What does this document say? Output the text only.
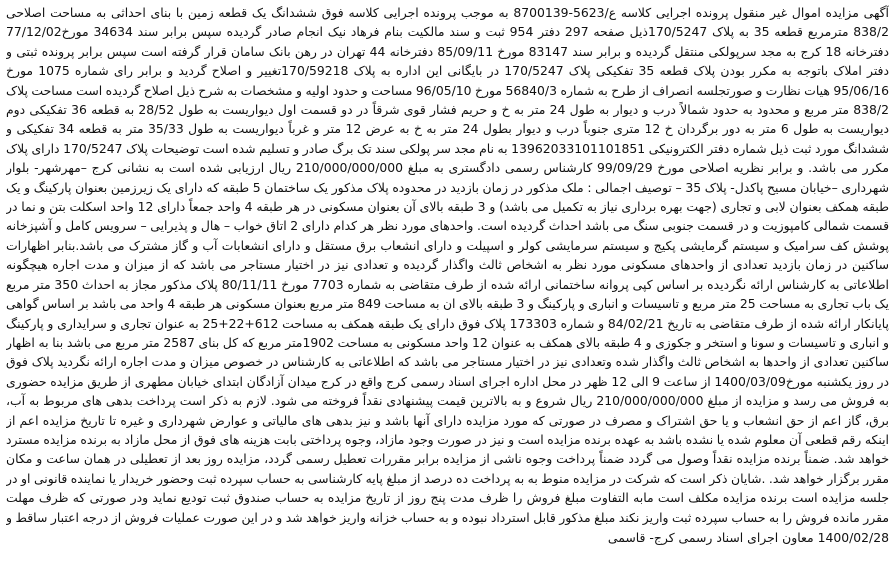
آگهی مزایده اموال غیر منقول پرونده اجرایی کلاسه ع/5623-8700139 به موجب پرونده اجرایی کلاسه فوق ششدانگ یک قطعه زمین با بنای احداثی به مساحت اصلاحی 838/2 مترمربع قطعه 35 به پلاک 170/5247ذیل صفحه 297 دفتر 954 ثبت و سند مالکیت بنام فرهاد نیک انجام صادر گردیده سپس برابر سند 34634 مورخ77/12/02 دفترخانه 18 کرج به مجد سرپولکی منتقل گردیده و برابر سند 83147 مورخ 85/09/11 دفترخانه 44 تهران در رهن بانک سامان قرار گرفته است سپس برابر پرونده ثبتی و دفتر املاک باتوجه به مکرر بودن پلاک قطعه 35 تفکیکی پلاک 170/5247 در بایگانی این اداره به پلاک 170/59218تغییر و اصلاح گردید و برابر رای شماره 1075 مورخ 95/06/16 هیات نظارت و صورتجلسه انصراف از طرح به شماره 56840/3 مورخ 96/05/10 مساحت و حدود اولیه و مشخصات به شرح ذیل اصلاح گردیده است مساحت پلاک 838/2 متر مربع و محدود به حدود شمالاً درب و دیوار به طول 24 متر به خ و حریم فشار قوی شرقاً در دو قسمت اول دیواریست به طول 28/52 به قطعه 36 تفکیکی دوم دیواریست به طول 6 متر به دور برگردان خ 12 متری جنوباً درب و دیوار بطول 24 متر به خ به عرض 12 متر و غرباً دیواریست به طول 35/33 متر به قطعه 34 تفکیکی و ششدانگ مورد ثبت ذیل شماره دفتر الکترونیکی 13962033101101851 به نام مجد سر پولکی سند تک برگ صادر و تسلیم شده است توضیحات پلاک 170/5247 دارای پلاک مکرر می باشد. و برابر نظریه اصلاحی مورخ 99/09/29 کارشناس رسمی دادگستری به مبلغ 210/000/000/000 ریال ارزیابی شده است به نشانی کرج –مهرشهر- بلوار شهرداری –خیابان مسیح پاکدل- پلاک 35 – توصیف اجمالی : ملک مذکور در زمان بازدید در محدوده پلاک مذکور یک ساختمان 5 طبقه که دارای یک زیرزمین بعنوان پارکینگ و یک طبقه همکف بعنوان لابی و تجاری (جهت بهره برداری نیاز به تکمیل می باشد) و 3 طبقه بالای آن بعنوان مسکونی در هر طبقه 4 واحد جمعاً دارای 12 واحد اسکلت بتن و نما در قسمت شمالی کامپوزیت و در قسمت جنوبی سنگ می باشد احداث گردیده است. واحدهای مورد نظر هر کدام دارای 2 اتاق خواب – هال و پذیرایی – سرویس کامل و آشپزخانه پوشش کف سرامیک و سیستم گرمایشی پکیج و سیستم سرمایشی کولر و اسپیلت و دارای انشعاب برق مستقل و دارای انشعابات آب و گاز مشترک می باشد.بنابر اظهارات ساکنین در زمان بازدید تعدادی از واحدهای مسکونی مورد نظر به اشخاص ثالث واگذار گردیده و تعدادی نیز در اختیار مستاجر می باشد که از میزان و مدت اجاره هیچگونه اطلاعاتی به کارشناس ارائه نگردیده بر اساس کپی پروانه ساختمانی ارائه شده از طرف متقاضی به شماره 7703 مورخ 80/11/11 پلاک مذکور مجاز به احداث 350 متر مربع یک باب تجاری به مساحت 25 متر مربع و تاسیسات و انباری و پارکینگ و 3 طبقه بالای ان به مساحت 849 متر مربع بعنوان مسکونی هر طبقه 4 واحد می باشد بر اساس گواهی پایانکار ارائه شده از طرف متقاضی به تاریخ 84/02/21 و شماره 173303 پلاک فوق دارای یک طبقه همکف به مساحت 612+22+25 به عنوان تجاری و سرایداری و پارکینگ و انباری و تاسیسات و سونا و استخر و جکوزی و 4 طبقه بالای همکف به عنوان 12 واحد مسکونی به مساحت 1902متر مربع که کل بنای 2587 متر مربع می باشد بنا به اظهار ساکنین تعدادی از واحدها به اشخاص ثالث واگذار شده وتعدادی نیز در اختیار مستاجر می باشد که اطلاعاتی به کارشناس در خصوص میزان و مدت اجاره ارائه نگردید پلاک فوق در روز یکشنبه مورخ1400/03/09 از ساعت 9 الی 12 ظهر در محل اداره اجرای اسناد رسمی کرج واقع در کرج میدان آزادگان ابتدای خیابان مطهری از طریق مزایده حضوری به فروش می رسد و مزایده از مبلغ 210/000/000/000 ریال شروع و به بالاترین قیمت پیشنهادی نقداً فروخته می شود. لازم به ذکر است پرداخت بدهی های مربوط به آب، برق، گاز اعم از حق انشعاب و یا حق اشتراک و مصرف در صورتی که مورد مزایده دارای آنها باشد و نیز بدهی های مالیاتی و عوارض شهرداری و غیره تا تاریخ مزایده اعم از اینکه رقم قطعی آن معلوم شده یا نشده باشد به عهده برنده مزایده است و نیز در صورت وجود مازاد، وجوه پرداختی بابت هزینه های فوق از محل مازاد به برنده مزایده مسترد خواهد شد. ضمناً برنده مزایده نقداً وصول می گردد ضمناً پرداخت وجوه ناشی از مزایده برابر مقررات تعطیل رسمی گردد، مزایده روز بعد از تعطیلی در همان ساعت و مکان مقرر برگزار خواهد شد. .شایان ذکر است که شرکت در مزایده منوط به به پرداخت ده درصد از مبلغ پایه کارشناسی به حساب سپرده ثبت وحضور خریدار یا نماینده قانونی او در جلسه مزایده است برنده مزایده مکلف است مابه التفاوت مبلغ فروش را ظرف مدت پنج روز از تاریخ مزایده به حساب صندوق ثبت تودیع نماید ودر صورتی که ظرف مهلت مقرر مانده فروش را به حساب سپرده ثبت واریز نکند مبلغ مذکور قابل استرداد نبوده و به حساب خزانه واریز خواهد شد و در این صورت عملیات فروش از درجه اعتبار ساقط و

1400/02/28 معاون اجرای اسناد رسمی کرج- قاسمی
